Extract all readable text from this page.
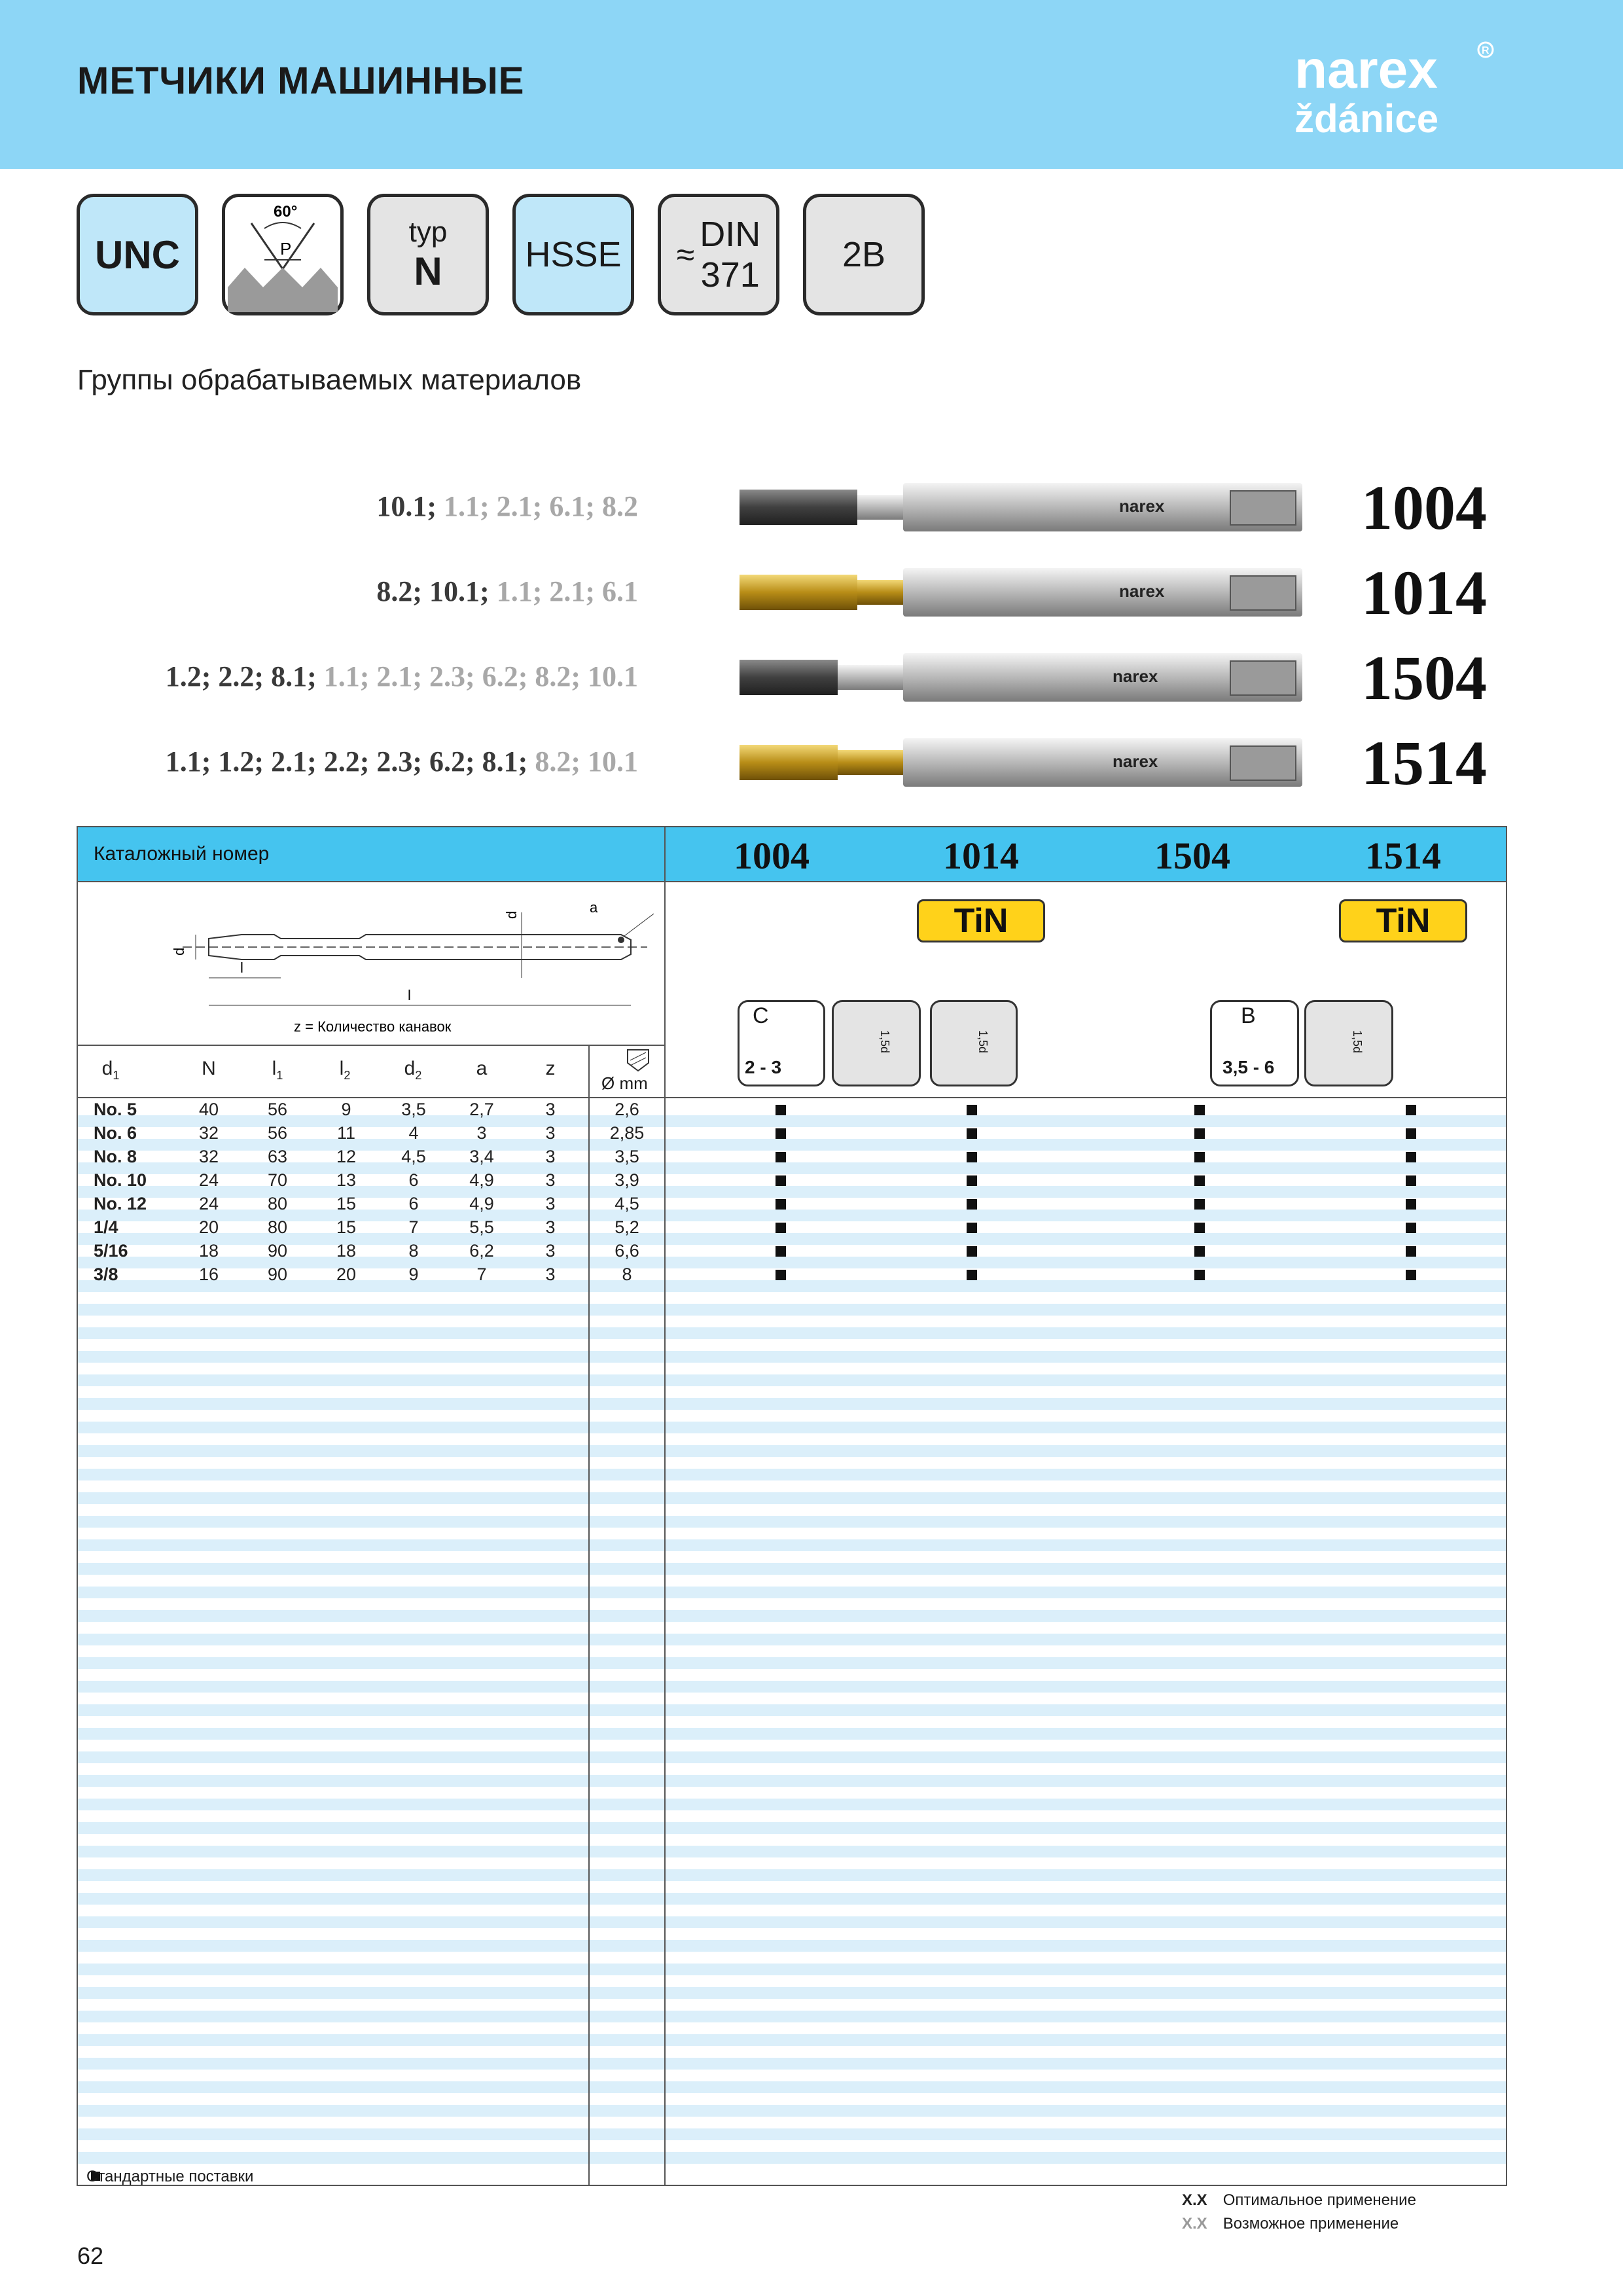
МЕТЧИКИ МАШИННЫЕ	narex
ždánice
R
UNC
60°
P
typ
N HSSE ≈
DIN
371
2B
Группы обрабатываемых материалов
10.1; 1.1; 2.1; 6.1; 8.2
8.2; 10.1; 1.1; 2.1; 6.1
1.2; 2.2; 8.1; 1.1; 2.1; 2.3; 6.2; 8.2; 10.1
1.1; 1.2; 2.1; 2.2; 2.3; 6.2; 8.1; 8.2; 10.1
narex
narex
narex
narex
1004
1014
1504
1514
Каталожный номер	1004	1014	1504	1514
TiN	TiN
a
d
d
l
l
z = Количество канавок	C
2 - 3
1,5d	1,5d
B
3,5 - 6
1,5d
$d_1$	N	$l_1$	$l_2$	$d_2$	a	z
Ø mm
No. 5	40	56	9	3,5	2,7	3	2,6
No. 6	32	56	11	4	3	3	2,85
No. 8	32	63	12	4,5	3,4	3	3,5
No. 10	24	70	13	6	4,9	3	3,9
No. 12	24	80	15	6	4,9	3	4,5
1/4	20	80	15	7	5,5	3	5,2
5/16	18	90	18	8	6,2	3	6,6
3/8	16	90	20	9	7	3	8
Стандартные поставки
X.X Оптимальное применение
X.X Возможное применение
62
